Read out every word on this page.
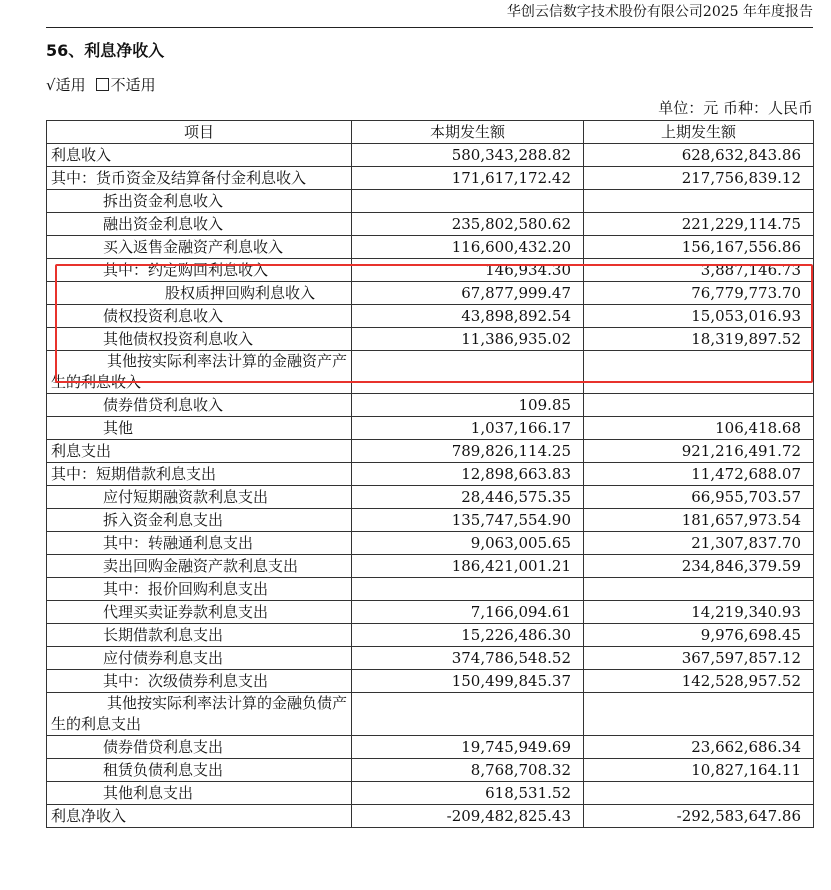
华创云信数字技术股份有限公司2025 年年度报告
56、利息净收入
√适用 不适用
单位：元 币种：人民币
项目	本期发生额	上期发生额
利息收入	580,343,288.82	628,632,843.86
其中：货币资金及结算备付金利息收入	171,617,172.42	217,756,839.12
拆出资金利息收入		
融出资金利息收入	235,802,580.62	221,229,114.75
买入返售金融资产利息收入	116,600,432.20	156,167,556.86
其中：约定购回利息收入	146,934.30	3,887,146.73
股权质押回购利息收入	67,877,999.47	76,779,773.70
债权投资利息收入	43,898,892.54	15,053,016.93
其他债权投资利息收入	11,386,935.02	18,319,897.52
其他按实际利率法计算的金融资产产生的利息收入		
债券借贷利息收入	109.85	
其他	1,037,166.17	106,418.68
利息支出	789,826,114.25	921,216,491.72
其中：短期借款利息支出	12,898,663.83	11,472,688.07
应付短期融资款利息支出	28,446,575.35	66,955,703.57
拆入资金利息支出	135,747,554.90	181,657,973.54
其中：转融通利息支出	9,063,005.65	21,307,837.70
卖出回购金融资产款利息支出	186,421,001.21	234,846,379.59
其中：报价回购利息支出		
代理买卖证券款利息支出	7,166,094.61	14,219,340.93
长期借款利息支出	15,226,486.30	9,976,698.45
应付债券利息支出	374,786,548.52	367,597,857.12
其中：次级债券利息支出	150,499,845.37	142,528,957.52
其他按实际利率法计算的金融负债产生的利息支出		
债券借贷利息支出	19,745,949.69	23,662,686.34
租赁负债利息支出	8,768,708.32	10,827,164.11
其他利息支出	618,531.52	
利息净收入	-209,482,825.43	-292,583,647.86
